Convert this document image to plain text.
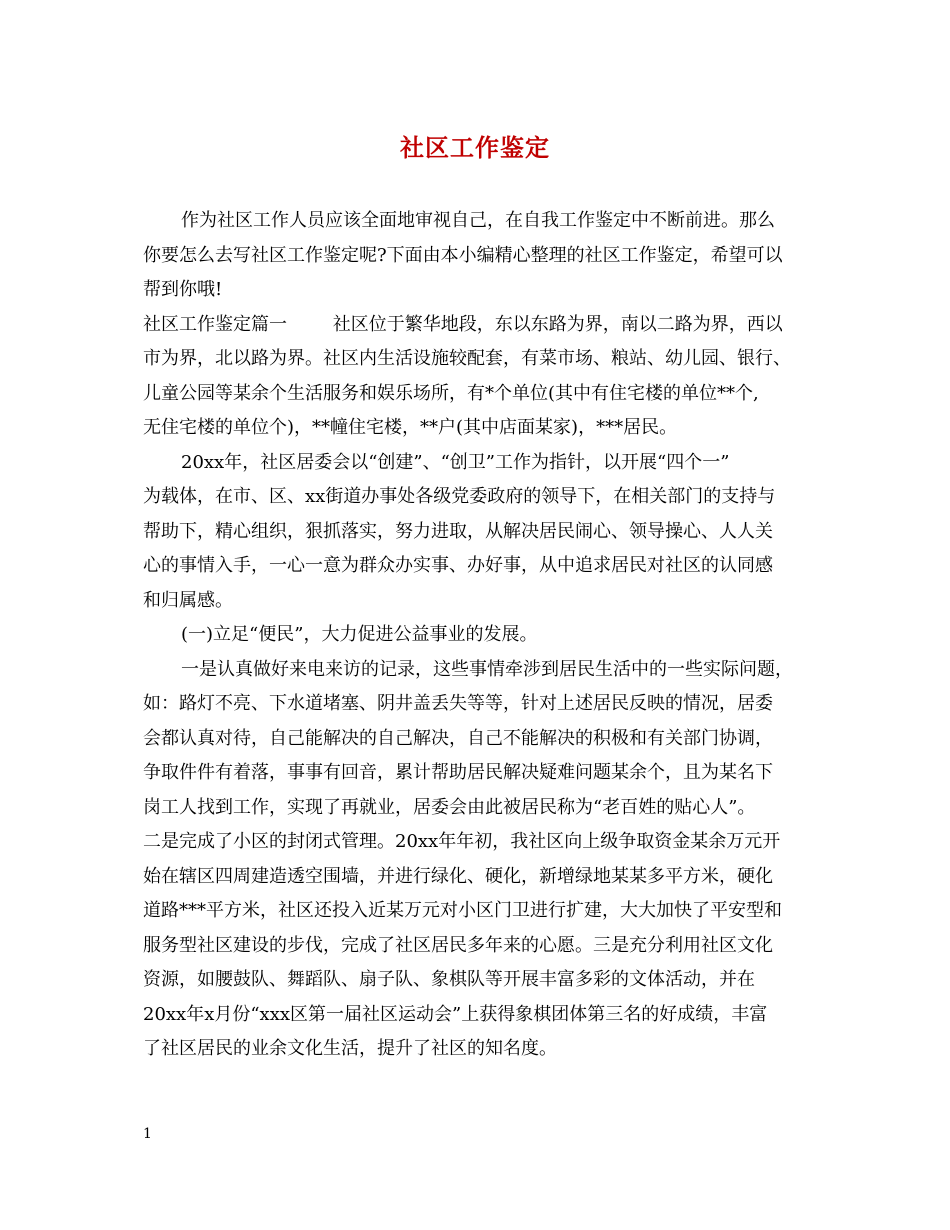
社区工作鉴定

作为社区工作人员应该全面地审视自己，在自我工作鉴定中不断前进。那么

你要怎么去写社区工作鉴定呢?下面由本小编精心整理的社区工作鉴定，希望可以

帮到你哦!

社区工作鉴定篇一        社区位于繁华地段，东以东路为界，南以二路为界，西以

市为界，北以路为界。社区内生活设施较配套，有菜市场、粮站、幼儿园、银行、

儿童公园等某余个生活服务和娱乐场所，有*个单位(其中有住宅楼的单位**个,

无住宅楼的单位个)，**幢住宅楼，**户(其中店面某家)，***居民。

20xx年，社区居委会以“创建”、“创卫”工作为指针，以开展“四个一”

为载体，在市、区、xx街道办事处各级党委政府的领导下，在相关部门的支持与

帮助下，精心组织，狠抓落实，努力进取，从解决居民闹心、领导操心、人人关

心的事情入手，一心一意为群众办实事、办好事，从中追求居民对社区的认同感

和归属感。

(一)立足“便民”，大力促进公益事业的发展。

一是认真做好来电来访的记录，这些事情牵涉到居民生活中的一些实际问题，

如：路灯不亮、下水道堵塞、阴井盖丢失等等，针对上述居民反映的情况，居委

会都认真对待，自己能解决的自己解决，自己不能解决的积极和有关部门协调，

争取件件有着落，事事有回音，累计帮助居民解决疑难问题某余个，且为某名下

岗工人找到工作，实现了再就业，居委会由此被居民称为“老百姓的贴心人”。

二是完成了小区的封闭式管理。20xx年年初，我社区向上级争取资金某余万元开

始在辖区四周建造透空围墙，并进行绿化、硬化，新增绿地某某多平方米，硬化

道路***平方米，社区还投入近某万元对小区门卫进行扩建，大大加快了平安型和

服务型社区建设的步伐，完成了社区居民多年来的心愿。三是充分利用社区文化

资源，如腰鼓队、舞蹈队、扇子队、象棋队等开展丰富多彩的文体活动，并在

20xx年x月份“xxx区第一届社区运动会”上获得象棋团体第三名的好成绩，丰富

了社区居民的业余文化生活，提升了社区的知名度。

1
